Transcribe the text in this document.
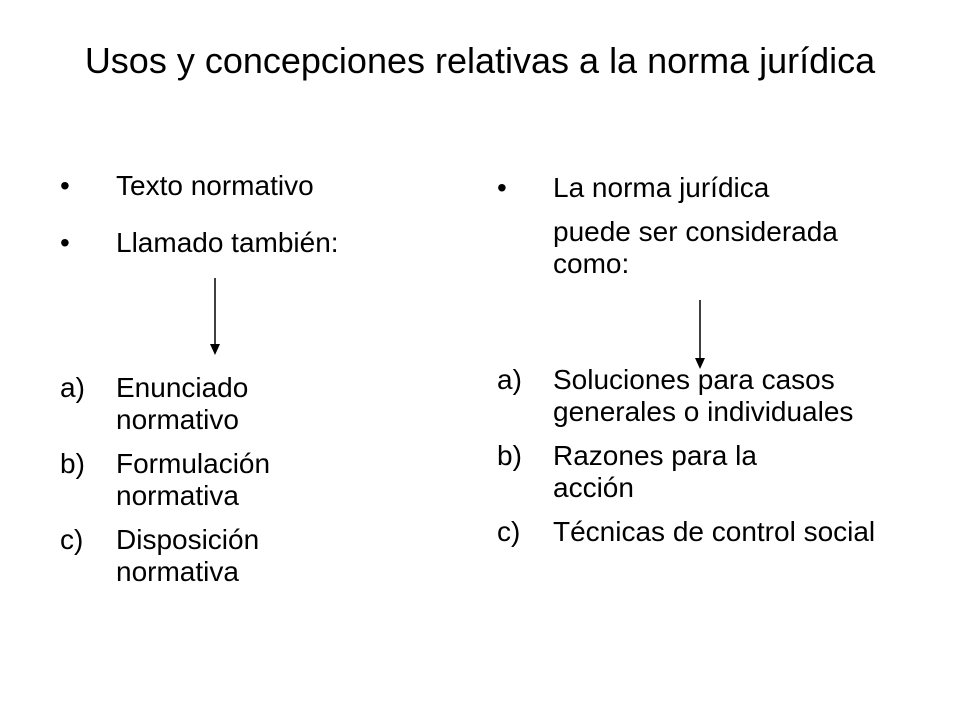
Usos y concepciones relativas a la norma jurídica
• Texto normativo
• Llamado también:
a) Enunciado normativo
b) Formulación normativa
c) Disposición normativa
• La norma jurídica
puede ser considerada como:
a) Soluciones para casos generales o individuales
b) Razones para la acción
c) Técnicas de control social
